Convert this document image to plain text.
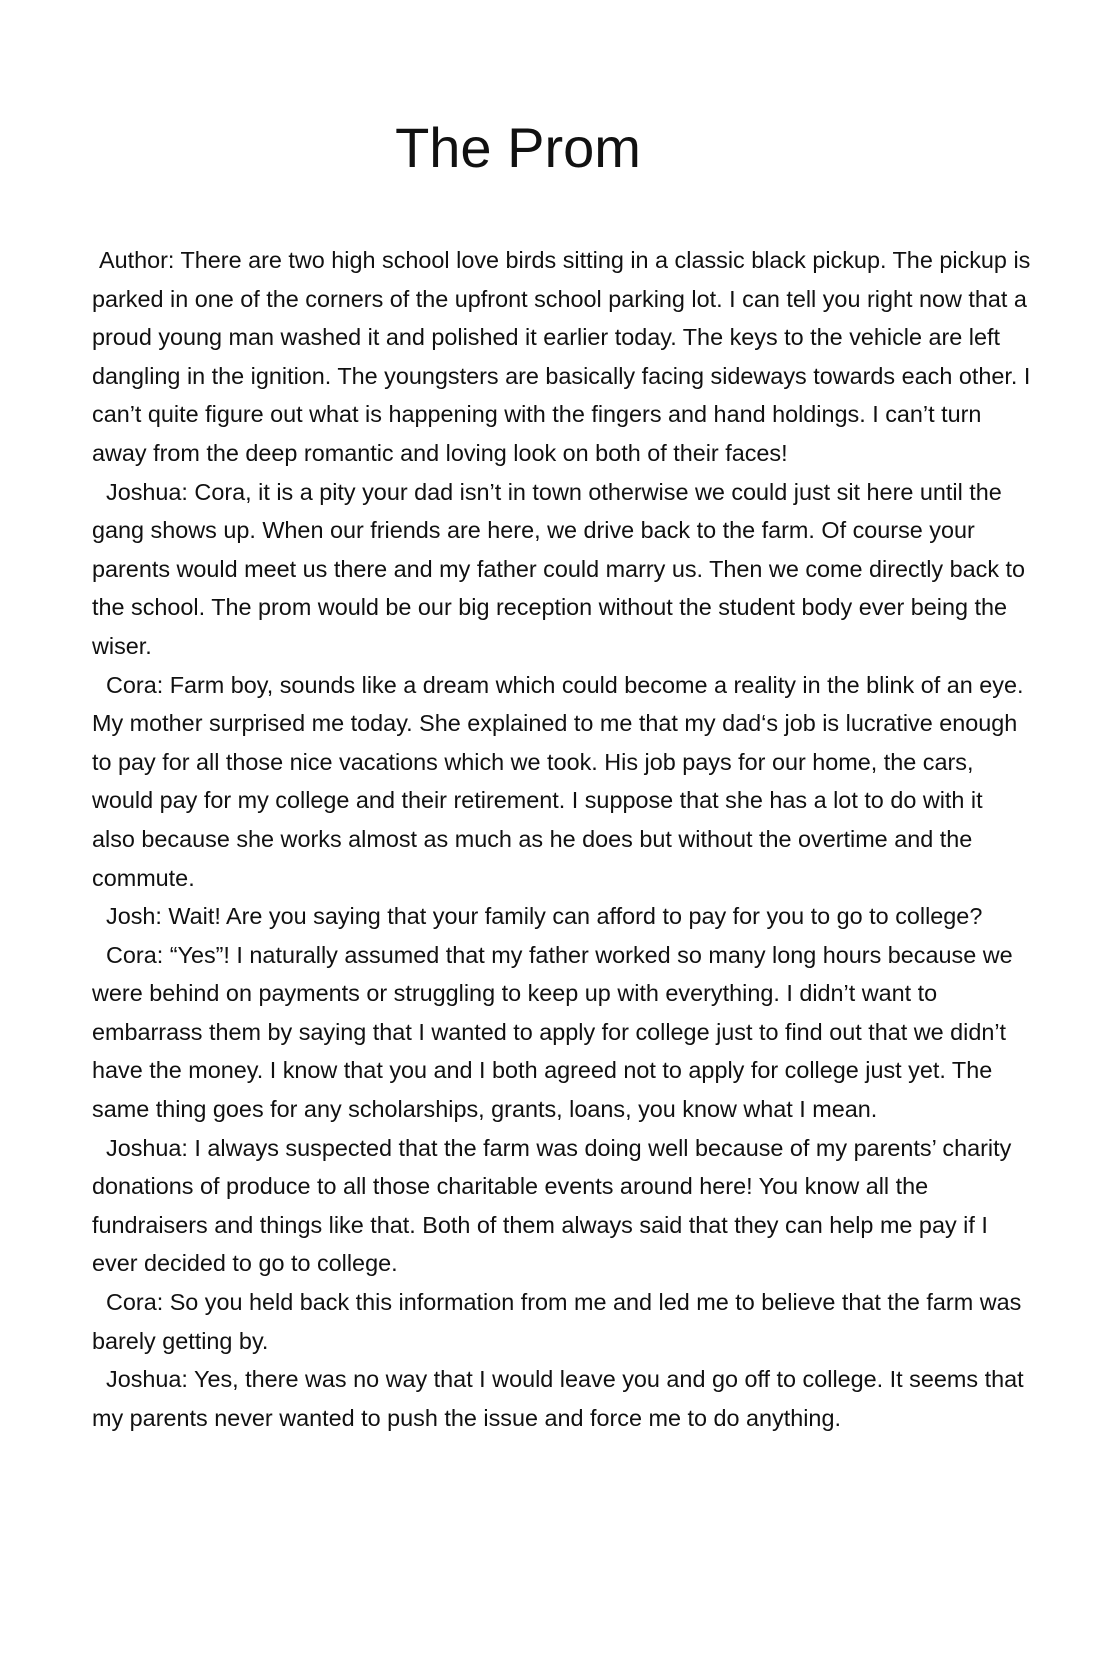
The Prom

Author: There are two high school love birds sitting in a classic black pickup. The pickup is parked in one of the corners of the upfront school parking lot. I can tell you right now that a proud young man washed it and polished it earlier today. The keys to the vehicle are left dangling in the ignition. The youngsters are basically facing sideways towards each other. I can’t quite figure out what is happening with the fingers and hand holdings. I can’t turn away from the deep romantic and loving look on both of their faces!

Joshua: Cora, it is a pity your dad isn’t in town otherwise we could just sit here until the gang shows up. When our friends are here, we drive back to the farm. Of course your parents would meet us there and my father could marry us. Then we come directly back to the school. The prom would be our big reception without the student body ever being the wiser.

Cora: Farm boy, sounds like a dream which could become a reality in the blink of an eye. My mother surprised me today. She explained to me that my dad‘s job is lucrative enough to pay for all those nice vacations which we took. His job pays for our home, the cars, would pay for my college and their retirement. I suppose that she has a lot to do with it also because she works almost as much as he does but without the overtime and the commute.

Josh: Wait! Are you saying that your family can afford to pay for you to go to college?

Cora: “Yes”! I naturally assumed that my father worked so many long hours because we were behind on payments or struggling to keep up with everything. I didn’t want to embarrass them by saying that I wanted to apply for college just to find out that we didn’t have the money. I know that you and I both agreed not to apply for college just yet. The same thing goes for any scholarships, grants, loans, you know what I mean.

Joshua: I always suspected that the farm was doing well because of my parents’ charity donations of produce to all those charitable events around here! You know all the fundraisers and things like that. Both of them always said that they can help me pay if I ever decided to go to college.

Cora: So you held back this information from me and led me to believe that the farm was barely getting by.

Joshua: Yes, there was no way that I would leave you and go off to college. It seems that my parents never wanted to push the issue and force me to do anything.
